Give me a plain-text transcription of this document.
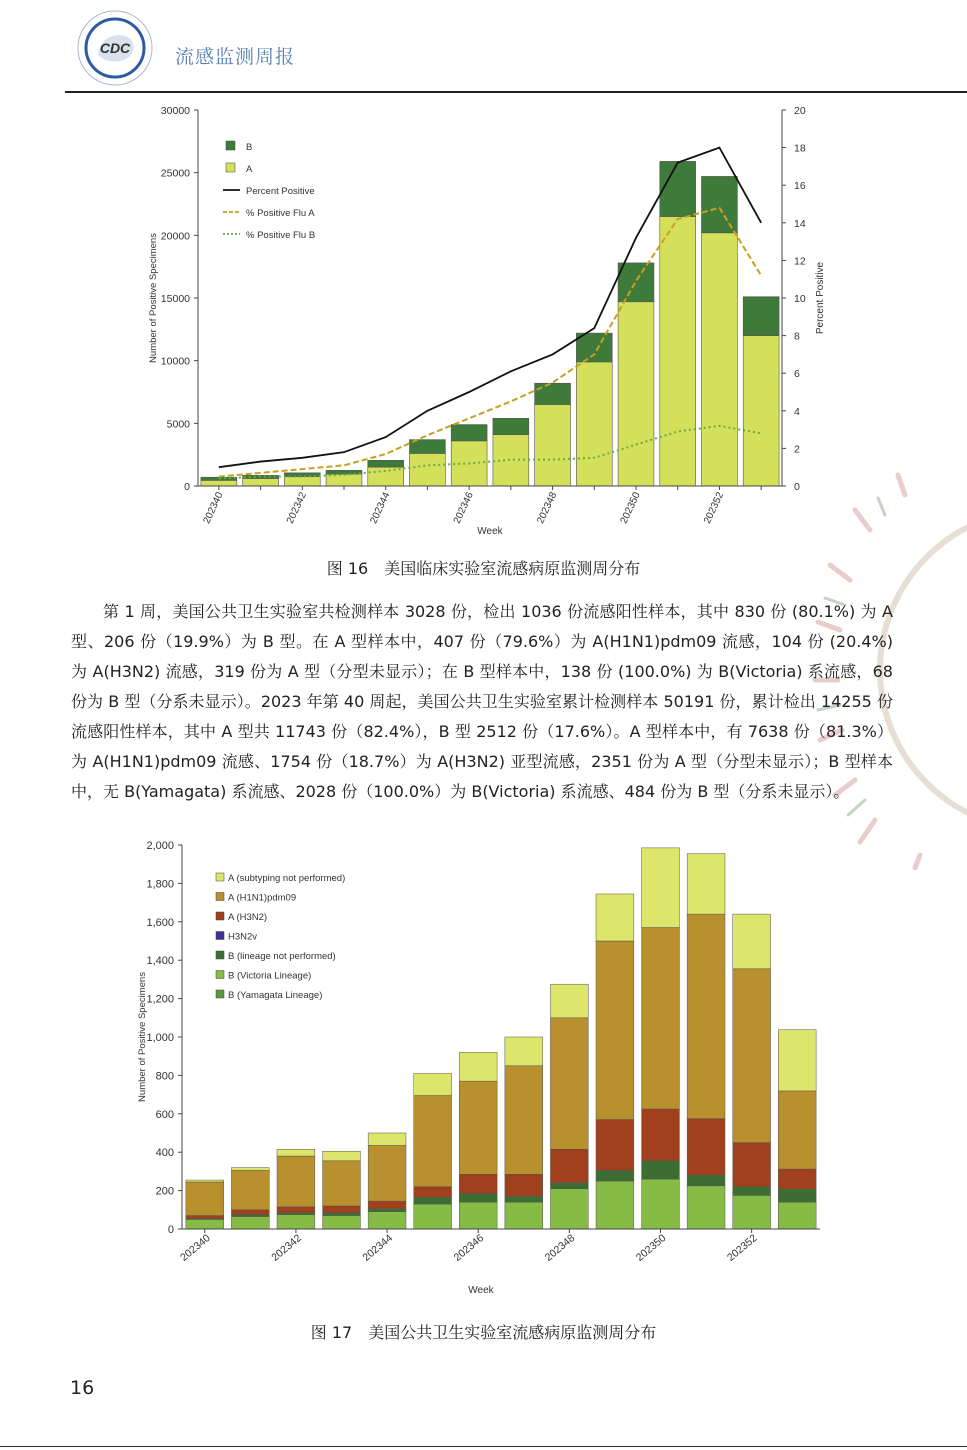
CDC 流感监测周报
0
5000
10000
15000
20000
25000
30000
0
2
4
6
8
10
12
14
16
18
20
202340	202342	202344	202346	202348	202350	202352
Week
Number of Positive Specimens	Percent Positive
B
A
Percent Positive
% Positive Flu A
% Positive Flu B
图 16　美国临床实验室流感病原监测周分布

第 1 周，美国公共卫生实验室共检测样本 3028 份，检出 1036 份流感阳性样本，其中 830 份 (80.1%) 为 A 型、206 份（19.9%）为 B 型。在 A 型样本中，407 份（79.6%）为 A(H1N1)pdm09 流感，104 份 (20.4%) 为 A(H3N2) 流感，319 份为 A 型（分型未显示）；在 B 型样本中，138 份 (100.0%) 为 B(Victoria) 系流感，68 份为 B 型（分系未显示）。2023 年第 40 周起，美国公共卫生实验室累计检测样本 50191 份，累计检出 14255 份流感阳性样本，其中 A 型共 11743 份（82.4%），B 型 2512 份（17.6%）。A 型样本中，有 7638 份（81.3%）为 A(H1N1)pdm09 流感、1754 份（18.7%）为 A(H3N2) 亚型流感，2351 份为 A 型（分型未显示）；B 型样本中，无 B(Yamagata) 系流感、2028 份（100.0%）为 B(Victoria) 系流感、484 份为 B 型（分系未显示）。

0
200
400
600
800
1,000
1,200
1,400
1,600
1,800
2,000
202340	202342	202344	202346	202348	202350	202352
Week
Number of Positive Specimens
A (subtyping not performed)
A (H1N1)pdm09
A (H3N2)
H3N2v
B (lineage not performed)
B (Victoria Lineage)
B (Yamagata Lineage)
图 17　美国公共卫生实验室流感病原监测周分布
16
